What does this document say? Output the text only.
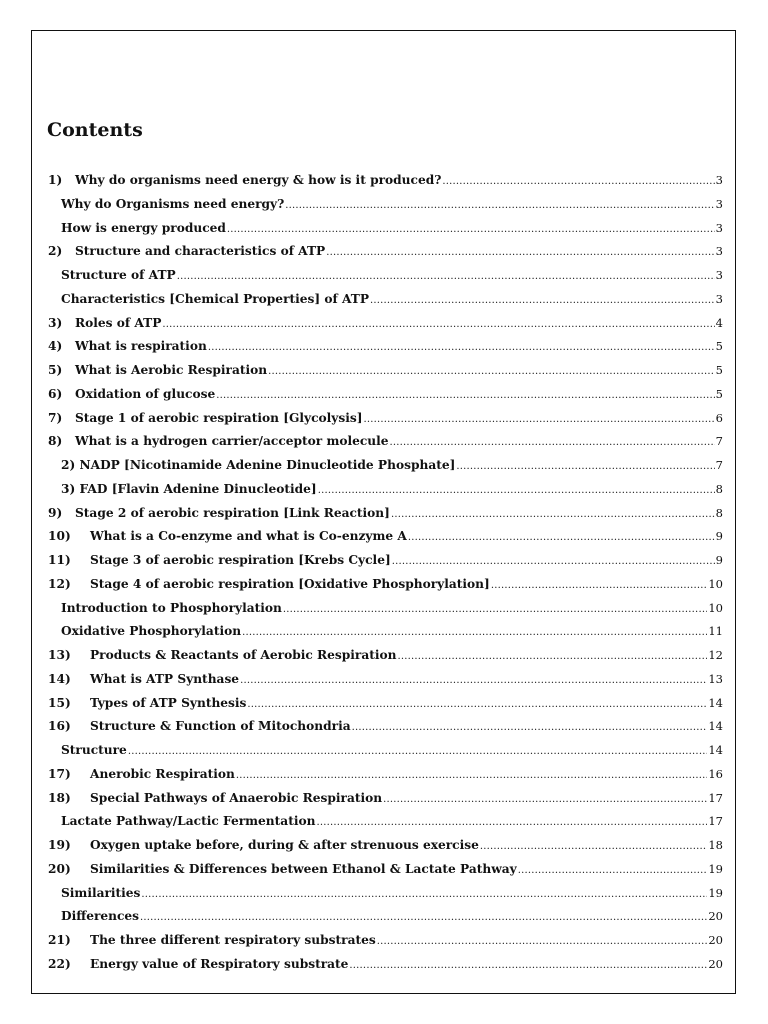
Contents
1)	Why do organisms need energy & how is it produced? .....	3
Why do Organisms need energy? .....	3
How is energy produced .....	3
2)	Structure and characteristics of ATP .....	3
Structure of ATP .....	3
Characteristics [Chemical Properties] of ATP .....	3
3)	Roles of ATP .....	4
4)	What is respiration .....	5
5)	What is Aerobic Respiration .....	5
6)	Oxidation of glucose .....	5
7)	Stage 1 of aerobic respiration [Glycolysis] .....	6
8)	What is a hydrogen carrier/acceptor molecule .....	7
2) NADP [Nicotinamide Adenine Dinucleotide Phosphate] .....	7
3) FAD [Flavin Adenine Dinucleotide] .....	8
9)	Stage 2 of aerobic respiration [Link Reaction] .....	8
10)	What is a Co-enzyme and what is Co-enzyme A .....	9
11)	Stage 3 of aerobic respiration [Krebs Cycle] .....	9
12)	Stage 4 of aerobic respiration [Oxidative Phosphorylation] .....	10
Introduction to Phosphorylation .....	10
Oxidative Phosphorylation .....	11
13)	Products & Reactants of Aerobic Respiration .....	12
14)	What is ATP Synthase .....	13
15)	Types of ATP Synthesis .....	14
16)	Structure & Function of Mitochondria .....	14
Structure .....	14
17)	Anerobic Respiration .....	16
18)	Special Pathways of Anaerobic Respiration .....	17
Lactate Pathway/Lactic Fermentation .....	17
19)	Oxygen uptake before, during & after strenuous exercise .....	18
20)	Similarities & Differences between Ethanol & Lactate Pathway .....	19
Similarities .....	19
Differences .....	20
21)	The three different respiratory substrates .....	20
22)	Energy value of Respiratory substrate .....	20
